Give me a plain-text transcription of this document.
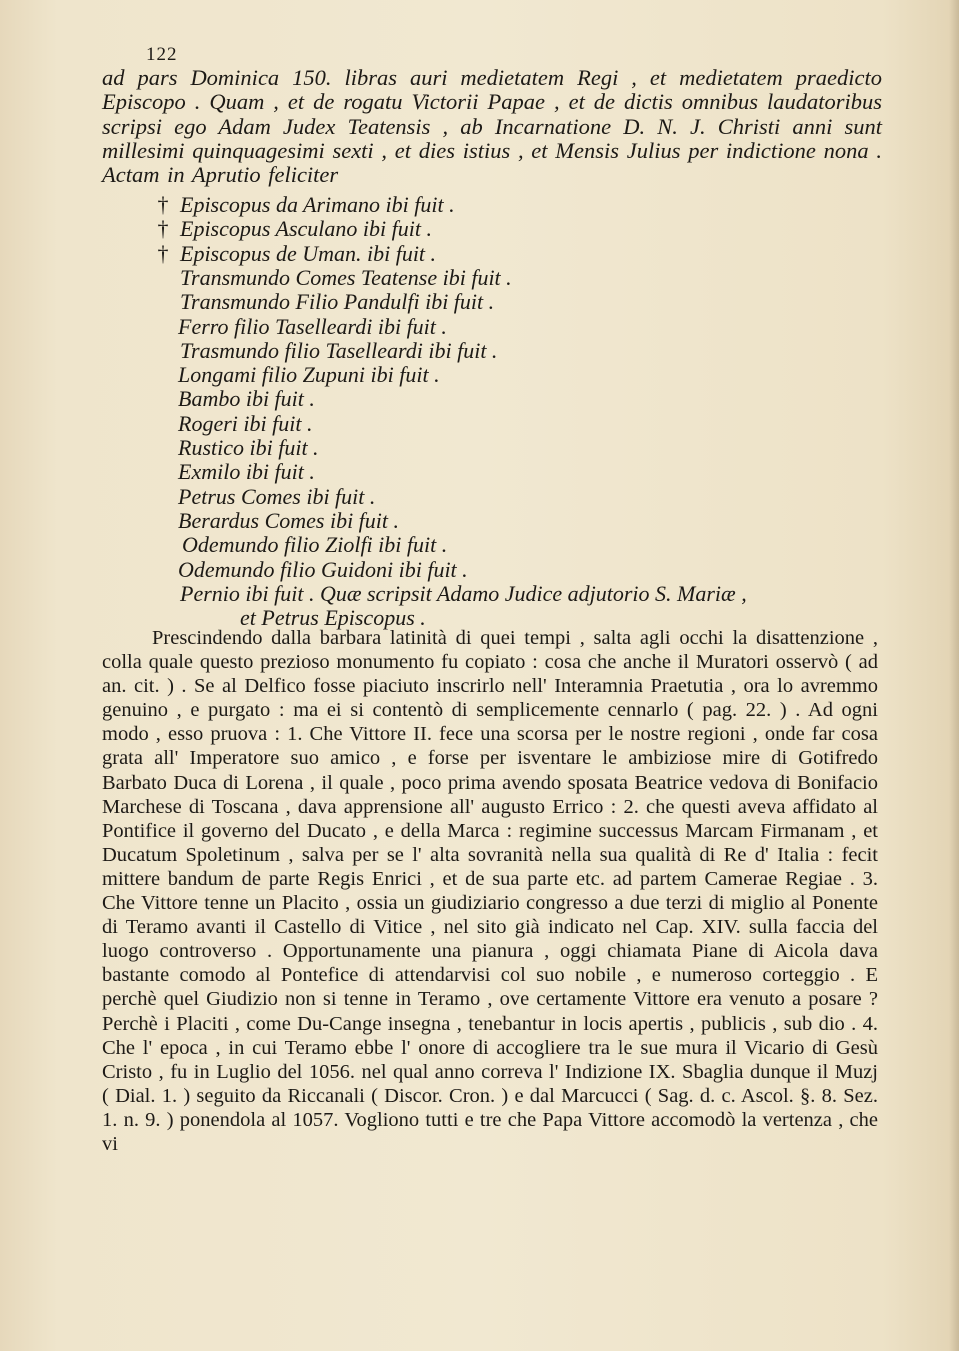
122
ad pars Dominica 150. libras auri medietatem Regi , et medietatem praedicto Episcopo . Quam , et de rogatu Victorii Papae , et de dictis omnibus laudatoribus scripsi ego Adam Judex Teatensis , ab Incarnatione D. N. J. Christi anni sunt millesimi quinquagesimi sexti , et dies istius , et Mensis Julius per indictione nona . Actam in Aprutio feliciter
† Episcopus da Arimano ibi fuit .
† Episcopus Asculano ibi fuit .
† Episcopus de Uman. ibi fuit .
Transmundo Comes Teatense ibi fuit .
Transmundo Filio Pandulfi ibi fuit .
Ferro filio Taselleardi ibi fuit .
Trasmundo filio Taselleardi ibi fuit .
Longami filio Zupuni ibi fuit .
Bambo ibi fuit .
Rogeri ibi fuit .
Rustico ibi fuit .
Exmilo ibi fuit .
Petrus Comes ibi fuit .
Berardus Comes ibi fuit .
Odemundo filio Ziolfi ibi fuit .
Odemundo filio Guidoni ibi fuit .
Pernio ibi fuit . Quæ scripsit Adamo Judice adjutorio S. Mariæ ,
et Petrus Episcopus .

Prescindendo dalla barbara latinità di quei tempi , salta agli occhi la disattenzione , colla quale questo prezioso monumento fu copiato : cosa che anche il Muratori osservò ( ad an. cit. ) . Se al Delfico fosse piaciuto inscrirlo nell' Interamnia Praetutia , ora lo avremmo genuino , e purgato : ma ei si contentò di semplicemente cennarlo ( pag. 22. ) . Ad ogni modo , esso pruova : 1. Che Vittore II. fece una scorsa per le nostre regioni , onde far cosa grata all' Imperatore suo amico , e forse per isventare le ambiziose mire di Gotifredo Barbato Duca di Lorena , il quale , poco prima avendo sposata Beatrice vedova di Bonifacio Marchese di Toscana , dava apprensione all' augusto Errico : 2. che questi aveva affidato al Pontifice il governo del Ducato , e della Marca : regimine successus Marcam Firmanam , et Ducatum Spoletinum , salva per se l' alta sovranità nella sua qualità di Re d' Italia : fecit mittere bandum de parte Regis Enrici , et de sua parte etc. ad partem Camerae Regiae . 3. Che Vittore tenne un Placito , ossia un giudiziario congresso a due terzi di miglio al Ponente di Teramo avanti il Castello di Vitice , nel sito già indicato nel Cap. XIV. sulla faccia del luogo controverso . Opportunamente una pianura , oggi chiamata Piane di Aicola dava bastante comodo al Pontefice di attendarvisi col suo nobile , e numeroso corteggio . E perchè quel Giudizio non si tenne in Teramo , ove certamente Vittore era venuto a posare ? Perchè i Placiti , come Du-Cange insegna , tenebantur in locis apertis , publicis , sub dio . 4. Che l' epoca , in cui Teramo ebbe l' onore di accogliere tra le sue mura il Vicario di Gesù Cristo , fu in Luglio del 1056. nel qual anno correva l' Indizione IX. Sbaglia dunque il Muzj ( Dial. 1. ) seguito da Riccanali ( Discor. Cron. ) e dal Marcucci ( Sag. d. c. Ascol. §. 8. Sez. 1. n. 9. ) ponendola al 1057. Vogliono tutti e tre che Papa Vittore accomodò la vertenza , che vi
